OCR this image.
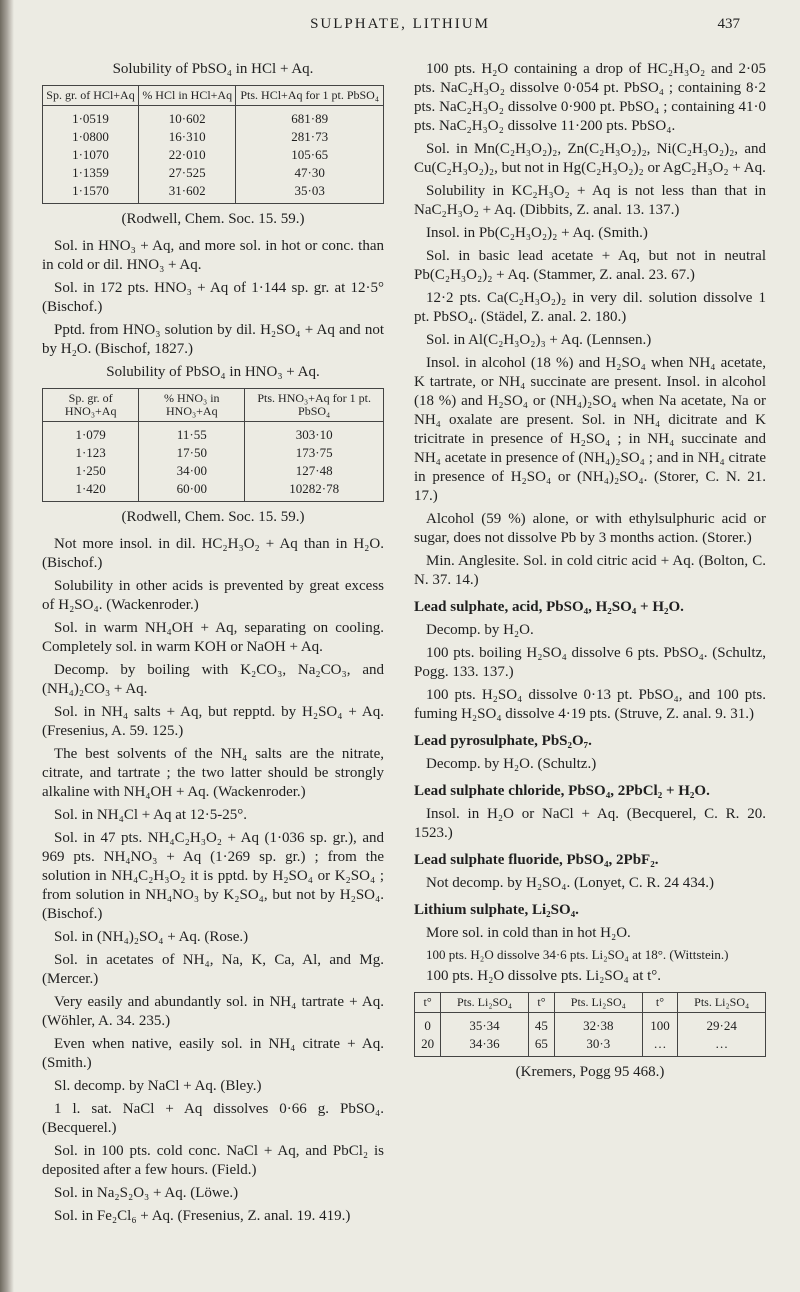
SULPHATE, LITHIUM	437

Solubility of PbSO₄ in HCl + Aq.

Sp. gr. of HCl+Aq	% HCl in HCl+Aq	Pts. HCl+Aq for 1 pt. PbSO₄
1·0519	10·602	681·89
1·0800	16·310	281·73
1·1070	22·010	105·65
1·1359	27·525	47·30
1·1570	31·602	35·03

(Rodwell, Chem. Soc. 15. 59.)

Sol. in HNO₃ + Aq, and more sol. in hot or conc. than in cold or dil. HNO₃ + Aq.

Sol. in 172 pts. HNO₃ + Aq of 1·144 sp. gr. at 12·5° (Bischof.)

Pptd. from HNO₃ solution by dil. H₂SO₄ + Aq and not by H₂O. (Bischof, 1827.)

Solubility of PbSO₄ in HNO₃ + Aq.

Sp. gr. of HNO₃+Aq	% HNO₃ in HNO₃+Aq	Pts. HNO₃+Aq for 1 pt. PbSO₄
1·079	11·55	303·10
1·123	17·50	173·75
1·250	34·00	127·48
1·420	60·00	10282·78

(Rodwell, Chem. Soc. 15. 59.)

Not more insol. in dil. HC₂H₃O₂ + Aq than in H₂O. (Bischof.)

Solubility in other acids is prevented by great excess of H₂SO₄. (Wackenroder.)

Sol. in warm NH₄OH + Aq, separating on cooling. Completely sol. in warm KOH or NaOH + Aq.

Decomp. by boiling with K₂CO₃, Na₂CO₃, and (NH₄)₂CO₃ + Aq.

Sol. in NH₄ salts + Aq, but repptd. by H₂SO₄ + Aq. (Fresenius, A. 59. 125.)

The best solvents of the NH₄ salts are the nitrate, citrate, and tartrate ; the two latter should be strongly alkaline with NH₄OH + Aq. (Wackenroder.)

Sol. in NH₄Cl + Aq at 12·5-25°.

Sol. in 47 pts. NH₄C₂H₃O₂ + Aq (1·036 sp. gr.), and 969 pts. NH₄NO₃ + Aq (1·269 sp. gr.) ; from the solution in NH₄C₂H₃O₂ it is pptd. by H₂SO₄ or K₂SO₄ ; from solution in NH₄NO₃ by K₂SO₄, but not by H₂SO₄. (Bischof.)

Sol. in (NH₄)₂SO₄ + Aq. (Rose.)

Sol. in acetates of NH₄, Na, K, Ca, Al, and Mg. (Mercer.)

Very easily and abundantly sol. in NH₄ tartrate + Aq. (Wöhler, A. 34. 235.)

Even when native, easily sol. in NH₄ citrate + Aq. (Smith.)

Sl. decomp. by NaCl + Aq. (Bley.)

1 l. sat. NaCl + Aq dissolves 0·66 g. PbSO₄. (Becquerel.)

Sol. in 100 pts. cold conc. NaCl + Aq, and PbCl₂ is deposited after a few hours. (Field.)

Sol. in Na₂S₂O₃ + Aq. (Löwe.)

Sol. in Fe₂Cl₆ + Aq. (Fresenius, Z. anal. 19. 419.)

100 pts. H₂O containing a drop of HC₂H₃O₂ and 2·05 pts. NaC₂H₃O₂ dissolve 0·054 pt. PbSO₄ ; containing 8·2 pts. NaC₂H₃O₂ dissolve 0·900 pt. PbSO₄ ; containing 41·0 pts. NaC₂H₃O₂ dissolve 11·200 pts. PbSO₄.

Sol. in Mn(C₂H₃O₂)₂, Zn(C₂H₃O₂)₂, Ni(C₂H₃O₂)₂, and Cu(C₂H₃O₂)₂, but not in Hg(C₂H₃O₂)₂ or AgC₂H₃O₂ + Aq.

Solubility in KC₂H₃O₂ + Aq is not less than that in NaC₂H₃O₂ + Aq. (Dibbits, Z. anal. 13. 137.)

Insol. in Pb(C₂H₃O₂)₂ + Aq. (Smith.)

Sol. in basic lead acetate + Aq, but not in neutral Pb(C₂H₃O₂)₂ + Aq. (Stammer, Z. anal. 23. 67.)

12·2 pts. Ca(C₂H₃O₂)₂ in very dil. solution dissolve 1 pt. PbSO₄. (Städel, Z. anal. 2. 180.)

Sol. in Al(C₂H₃O₂)₃ + Aq. (Lennsen.)

Insol. in alcohol (18 %) and H₂SO₄ when NH₄ acetate, K tartrate, or NH₄ succinate are present. Insol. in alcohol (18 %) and H₂SO₄ or (NH₄)₂SO₄ when Na acetate, Na or NH₄ oxalate are present. Sol. in NH₄ dicitrate and K tricitrate in presence of H₂SO₄ ; in NH₄ succinate and NH₄ acetate in presence of (NH₄)₂SO₄ ; and in NH₄ citrate in presence of H₂SO₄ or (NH₄)₂SO₄. (Storer, C. N. 21. 17.)

Alcohol (59 %) alone, or with ethylsulphuric acid or sugar, does not dissolve Pb by 3 months action. (Storer.)

Min. Anglesite. Sol. in cold citric acid + Aq. (Bolton, C. N. 37. 14.)

Lead sulphate, acid, PbSO₄, H₂SO₄ + H₂O.

Decomp. by H₂O.

100 pts. boiling H₂SO₄ dissolve 6 pts. PbSO₄. (Schultz, Pogg. 133. 137.)

100 pts. H₂SO₄ dissolve 0·13 pt. PbSO₄, and 100 pts. fuming H₂SO₄ dissolve 4·19 pts. (Struve, Z. anal. 9. 31.)

Lead pyrosulphate, PbS₂O₇.

Decomp. by H₂O. (Schultz.)

Lead sulphate chloride, PbSO₄, 2PbCl₂ + H₂O.

Insol. in H₂O or NaCl + Aq. (Becquerel, C. R. 20. 1523.)

Lead sulphate fluoride, PbSO₄, 2PbF₂.

Not decomp. by H₂SO₄. (Lonyet, C. R. 24 434.)

Lithium sulphate, Li₂SO₄.

More sol. in cold than in hot H₂O.

100 pts. H₂O dissolve 34·6 pts. Li₂SO₄ at 18°. (Wittstein.)

100 pts. H₂O dissolve pts. Li₂SO₄ at t°.

t°	Pts. Li₂SO₄	t°	Pts. Li₂SO₄	t°	Pts. Li₂SO₄
0	35·34	45	32·38	100	29·24
20	34·36	65	30·3	…	…

(Kremers, Pogg 95 468.)
